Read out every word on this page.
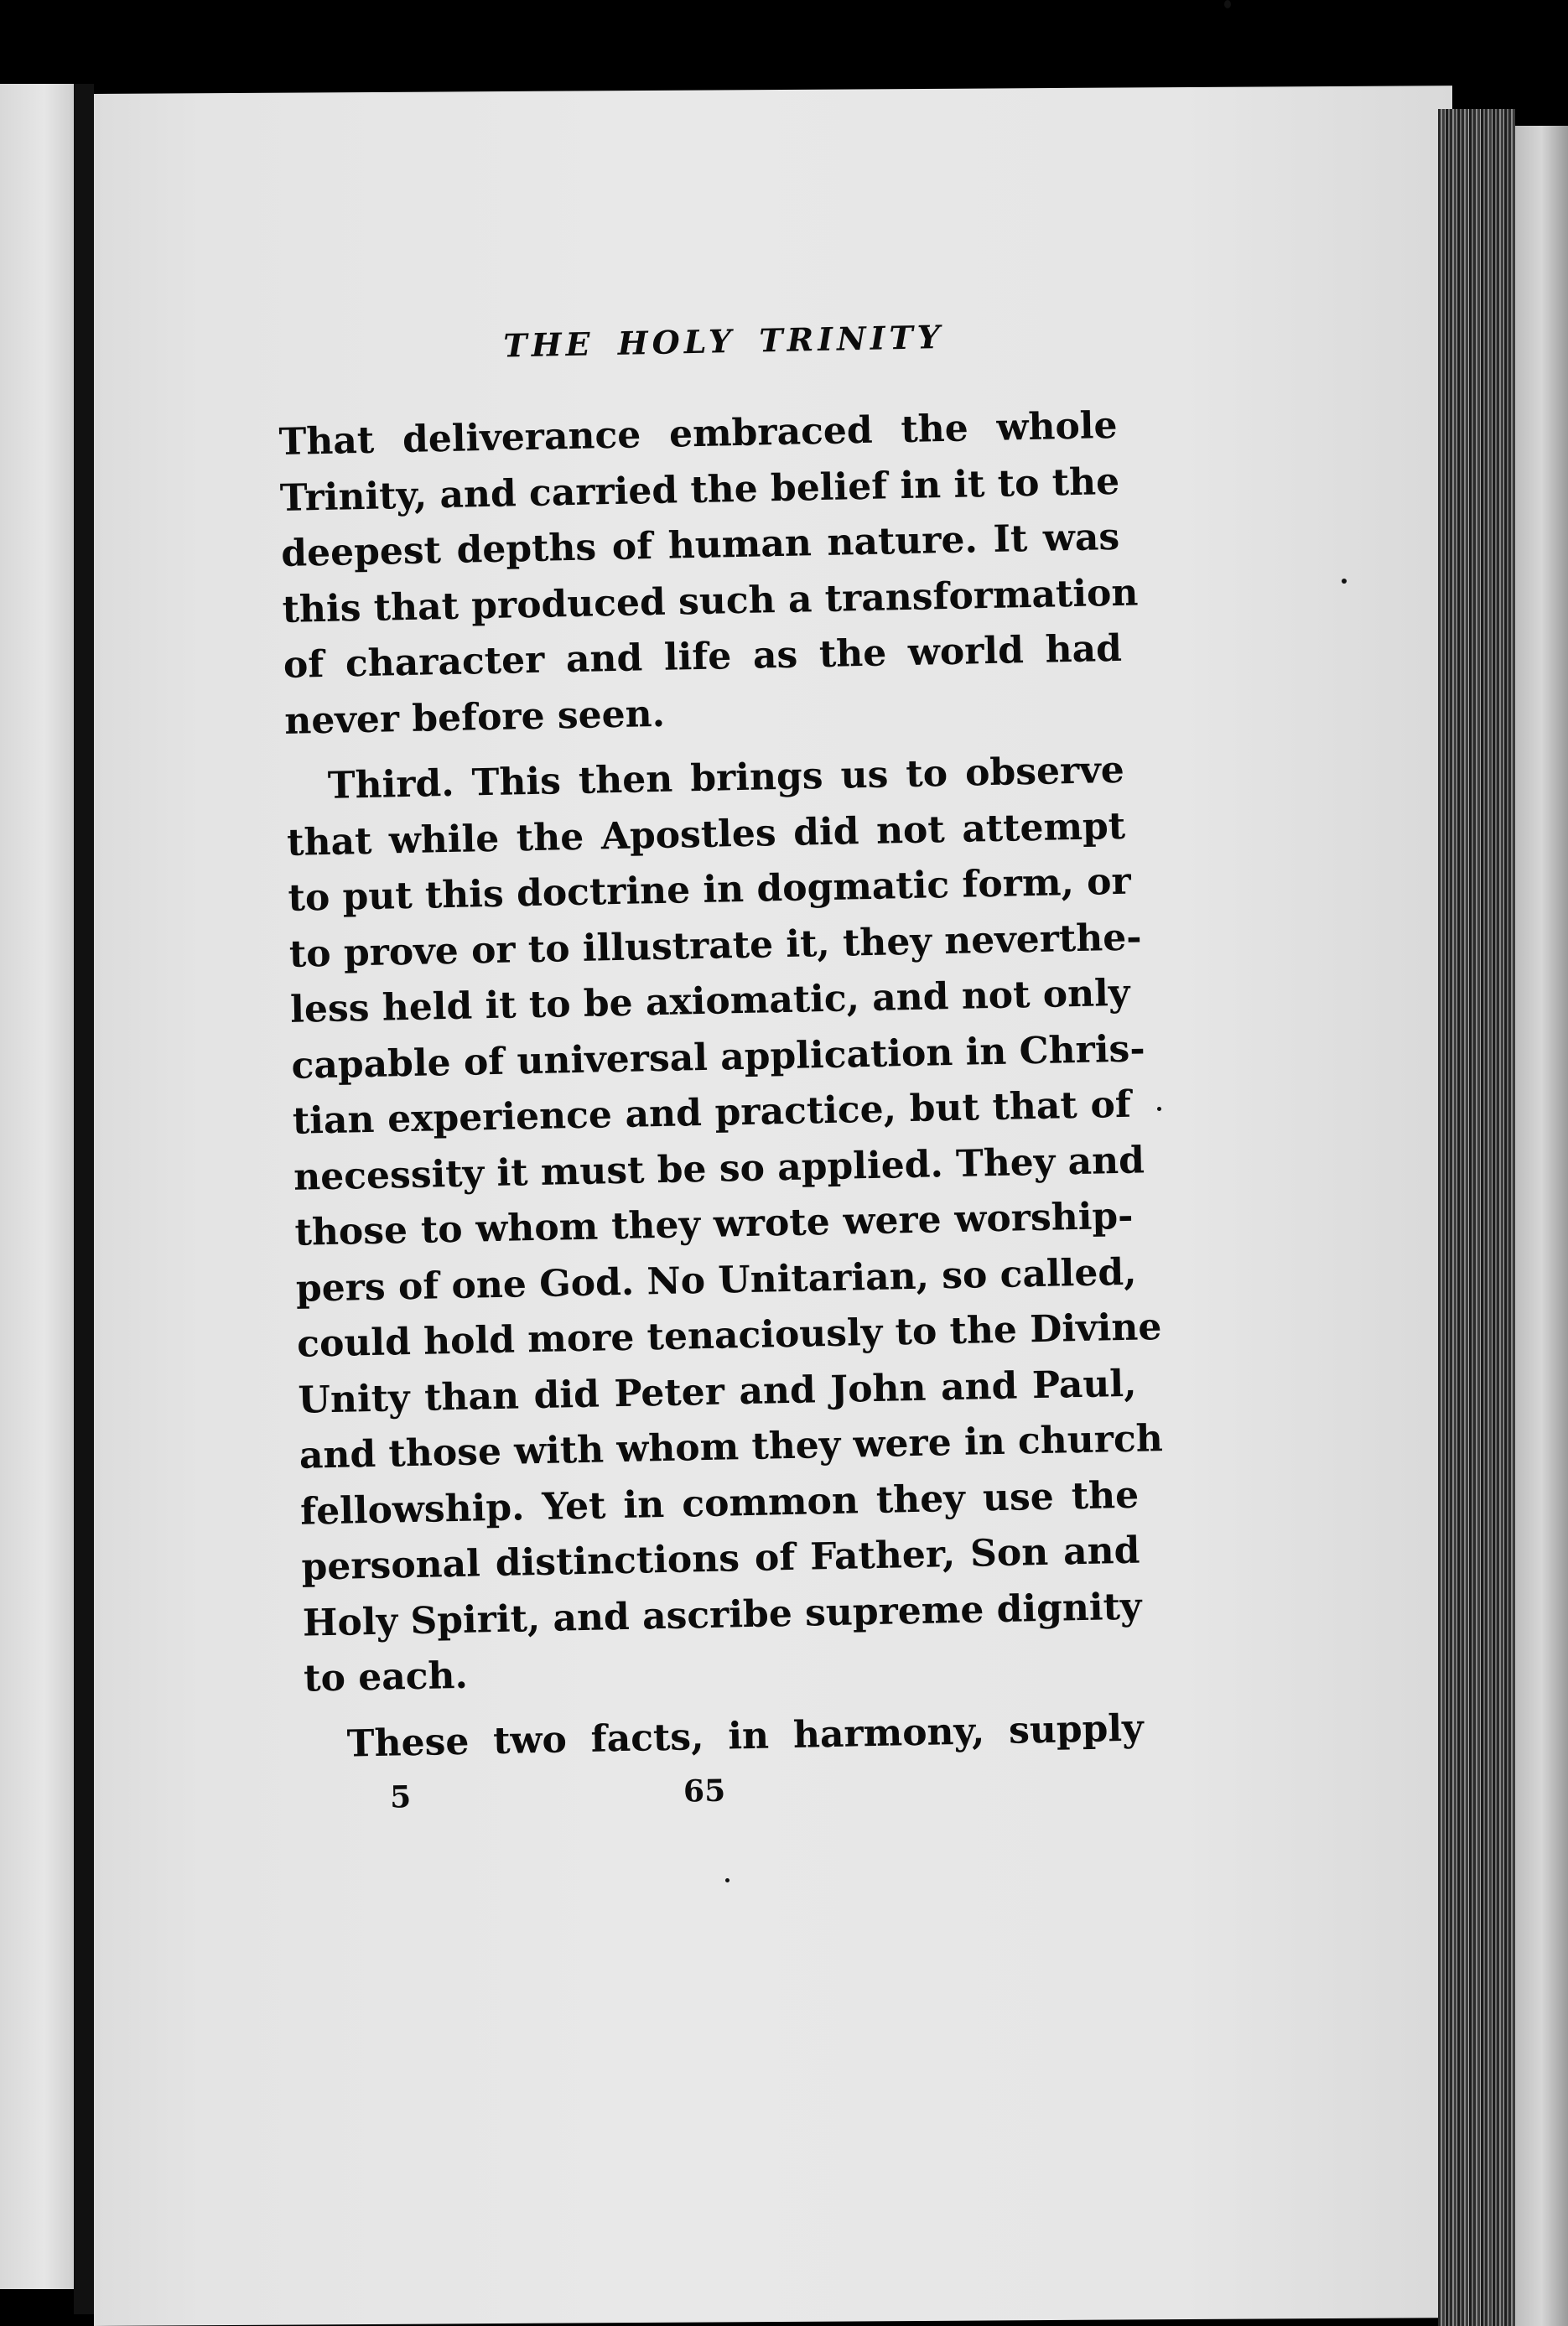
THE HOLY TRINITY
That deliverance embraced the whole
Trinity, and carried the belief in it to the
deepest depths of human nature. It was
this that produced such a transformation
of character and life as the world had
never before seen.
Third. This then brings us to observe
that while the Apostles did not attempt
to put this doctrine in dogmatic form, or
to prove or to illustrate it, they neverthe-
less held it to be axiomatic, and not only
capable of universal application in Chris-
tian experience and practice, but that of
necessity it must be so applied. They and
those to whom they wrote were worship-
pers of one God. No Unitarian, so called,
could hold more tenaciously to the Divine
Unity than did Peter and John and Paul,
and those with whom they were in church
fellowship. Yet in common they use the
personal distinctions of Father, Son and
Holy Spirit, and ascribe supreme dignity
to each.
These two facts, in harmony, supply
5	65
